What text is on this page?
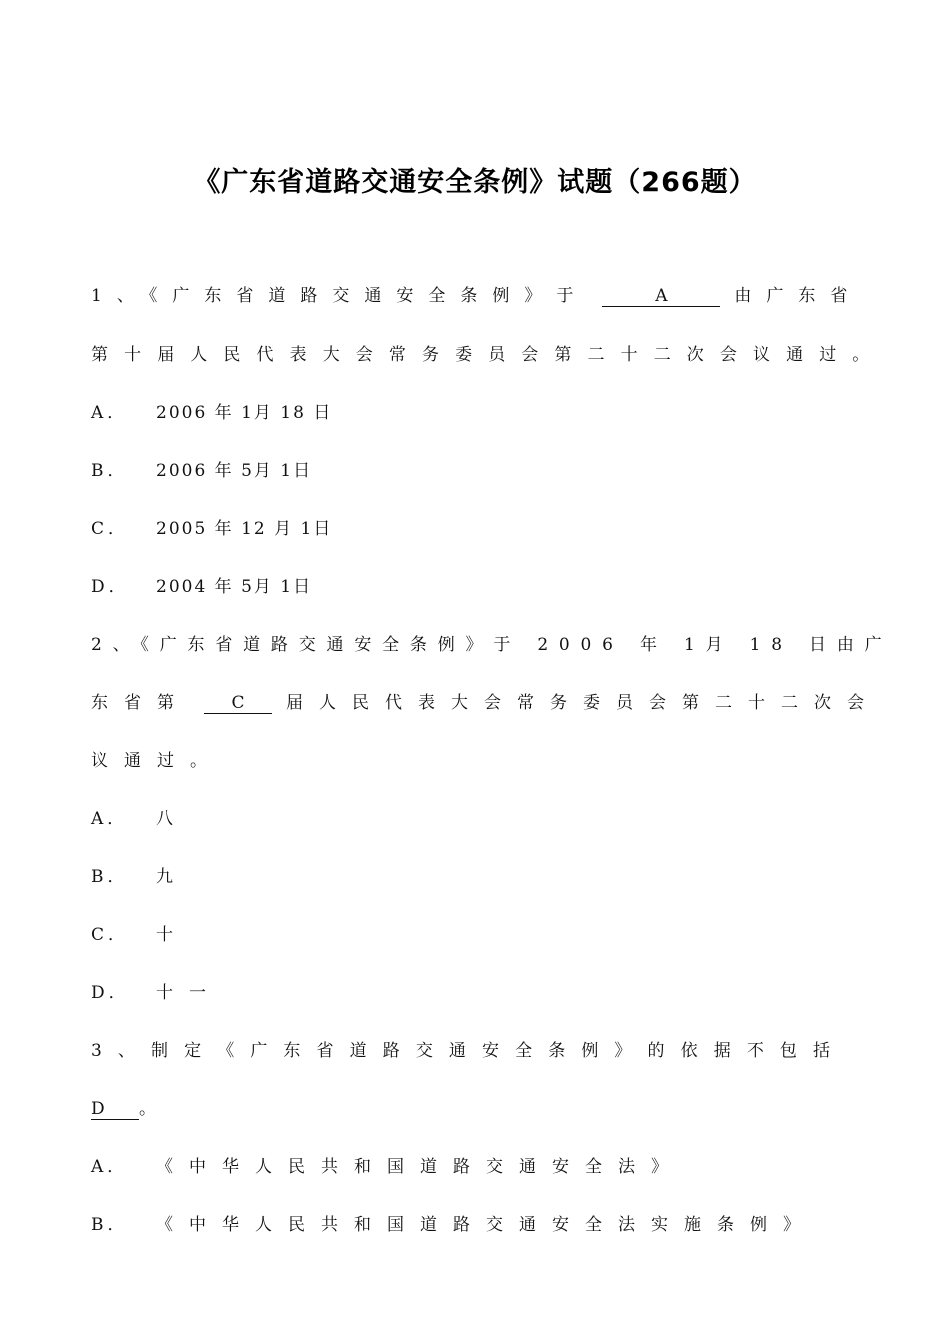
《广东省道路交通安全条例》试题（266题）
1、《广东省道路交通安全条例》于	A	由广东省
第十届人民代表大会常务委员会第二十二次会议通过。
A． 2006 年 1月 18 日
B． 2006 年 5月 1日
C． 2005 年 12 月 1日
D． 2004 年 5月 1日
2、《广东省道路交通安全条例》于 2006 年 1月 18 日由广
东省第 C 届人民代表大会常务委员会第二十二次会
议通过。
A． 八
B． 九
C． 十
D． 十一
3、制定《广东省道路交通安全条例》的依据不包括
D 。
A． 《中华人民共和国道路交通安全法》
B． 《中华人民共和国道路交通安全法实施条例》
